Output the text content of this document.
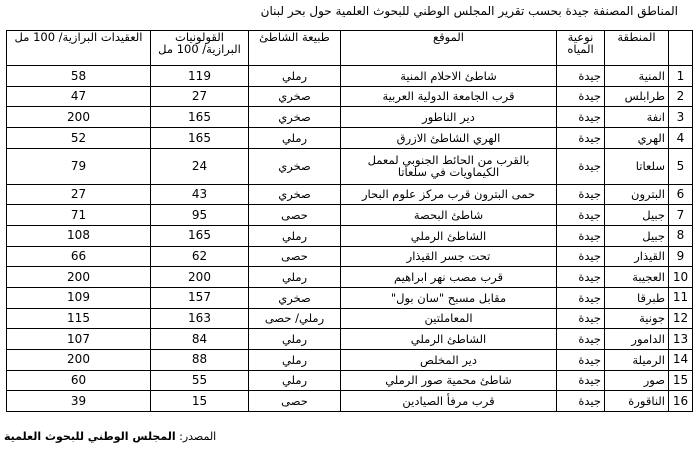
المناطق المصنفة جيدة بحسب تقرير المجلس الوطني للبحوث العلمية حول بحر لبنان
	المنطقة	نوعية المياه	الموقع	طبيعة الشاطئ	القولونيات البرازية/ 100 مل	العقيدات البرازية/ 100 مل
1	المنية	جيدة	شاطئ الاحلام المنية	رملي	119	58
2	طرابلس	جيدة	قرب الجامعة الدولية العربية	صخري	27	47
3	انفة	جيدة	دير الناطور	صخري	165	200
4	الهري	جيدة	الهري الشاطئ الازرق	رملي	165	52
5	سلعاتا	جيدة	بالقرب من الحائط الجنوبي لمعمل الكيماويات في سلعاتا	صخري	24	79
6	البترون	جيدة	حمى البترون قرب مركز علوم البحار	صخري	43	27
7	جبيل	جيدة	شاطئ البحصة	حصى	95	71
8	جبيل	جيدة	الشاطئ الرملي	رملي	165	108
9	القيذار	جيدة	تحت جسر القيذار	حصى	62	66
10	العجيبة	جيدة	قرب مصب نهر ابراهيم	رملي	200	200
11	طبرقا	جيدة	مقابل مسبح "سان بول"	صخري	157	109
12	جونية	جيدة	المعاملتين	رملي/ حصى	163	115
13	الدامور	جيدة	الشاطئ الرملي	رملي	84	107
14	الرميلة	جيدة	دير المخلص	رملي	88	200
15	صور	جيدة	شاطئ محمية صور الرملي	رملي	55	60
16	الناقورة	جيدة	قرب مرفأ الصيادين	حصى	15	39
المصدر: المجلس الوطني للبحوث العلمية
